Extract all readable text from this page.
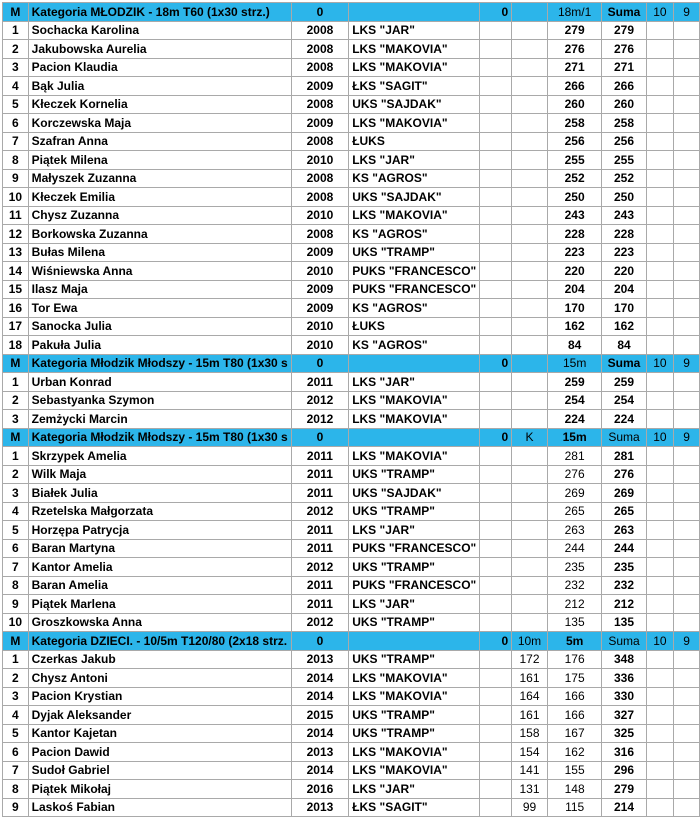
M	Kategoria MŁODZIK - 18m T60 (1x30 strz.)	0		0		18m/1	Suma	10	9
1	Sochacka Karolina	2008	LKS "JAR"			279	279		
2	Jakubowska Aurelia	2008	LKS "MAKOVIA"			276	276		
3	Pacion Klaudia	2008	LKS "MAKOVIA"			271	271		
4	Bąk Julia	2009	ŁKS "SAGIT"			266	266		
5	Kłeczek Kornelia	2008	UKS "SAJDAK"			260	260		
6	Korczewska Maja	2009	LKS "MAKOVIA"			258	258		
7	Szafran Anna	2008	ŁUKS			256	256		
8	Piątek Milena	2010	LKS "JAR"			255	255		
9	Małyszek Zuzanna	2008	KS "AGROS"			252	252		
10	Kłeczek Emilia	2008	UKS "SAJDAK"			250	250		
11	Chysz Zuzanna	2010	LKS "MAKOVIA"			243	243		
12	Borkowska Zuzanna	2008	KS "AGROS"			228	228		
13	Bułas Milena	2009	UKS "TRAMP"			223	223		
14	Wiśniewska Anna	2010	PUKS "FRANCESCO"			220	220		
15	Ilasz Maja	2009	PUKS "FRANCESCO"			204	204		
16	Tor Ewa	2009	KS "AGROS"			170	170		
17	Sanocka Julia	2010	ŁUKS			162	162		
18	Pakuła Julia	2010	KS "AGROS"			84	84		
M	Kategoria Młodzik Młodszy - 15m T80 (1x30 s	0		0		15m	Suma	10	9
1	Urban Konrad	2011	LKS "JAR"			259	259		
2	Sebastyanka Szymon	2012	LKS "MAKOVIA"			254	254		
3	Zemżycki Marcin	2012	LKS "MAKOVIA"			224	224		
M	Kategoria Młodzik Młodszy - 15m T80 (1x30 s	0		0	K	15m	Suma	10	9
1	Skrzypek Amelia	2011	LKS "MAKOVIA"			281	281		
2	Wilk Maja	2011	UKS "TRAMP"			276	276		
3	Białek Julia	2011	UKS "SAJDAK"			269	269		
4	Rzetelska Małgorzata	2012	UKS "TRAMP"			265	265		
5	Horzępa Patrycja	2011	LKS "JAR"			263	263		
6	Baran Martyna	2011	PUKS "FRANCESCO"			244	244		
7	Kantor Amelia	2012	UKS "TRAMP"			235	235		
8	Baran Amelia	2011	PUKS "FRANCESCO"			232	232		
9	Piątek Marlena	2011	LKS "JAR"			212	212		
10	Groszkowska Anna	2012	UKS "TRAMP"			135	135		
M	Kategoria DZIECI. - 10/5m T120/80 (2x18 strz.	0		0	10m	5m	Suma	10	9
1	Czerkas Jakub	2013	UKS "TRAMP"		172	176	348		
2	Chysz Antoni	2014	LKS "MAKOVIA"		161	175	336		
3	Pacion Krystian	2014	LKS "MAKOVIA"		164	166	330		
4	Dyjak Aleksander	2015	UKS "TRAMP"		161	166	327		
5	Kantor Kajetan	2014	UKS "TRAMP"		158	167	325		
6	Pacion Dawid	2013	LKS "MAKOVIA"		154	162	316		
7	Sudoł Gabriel	2014	LKS "MAKOVIA"		141	155	296		
8	Piątek Mikołaj	2016	LKS "JAR"		131	148	279		
9	Laskoś Fabian	2013	ŁKS "SAGIT"		99	115	214		
